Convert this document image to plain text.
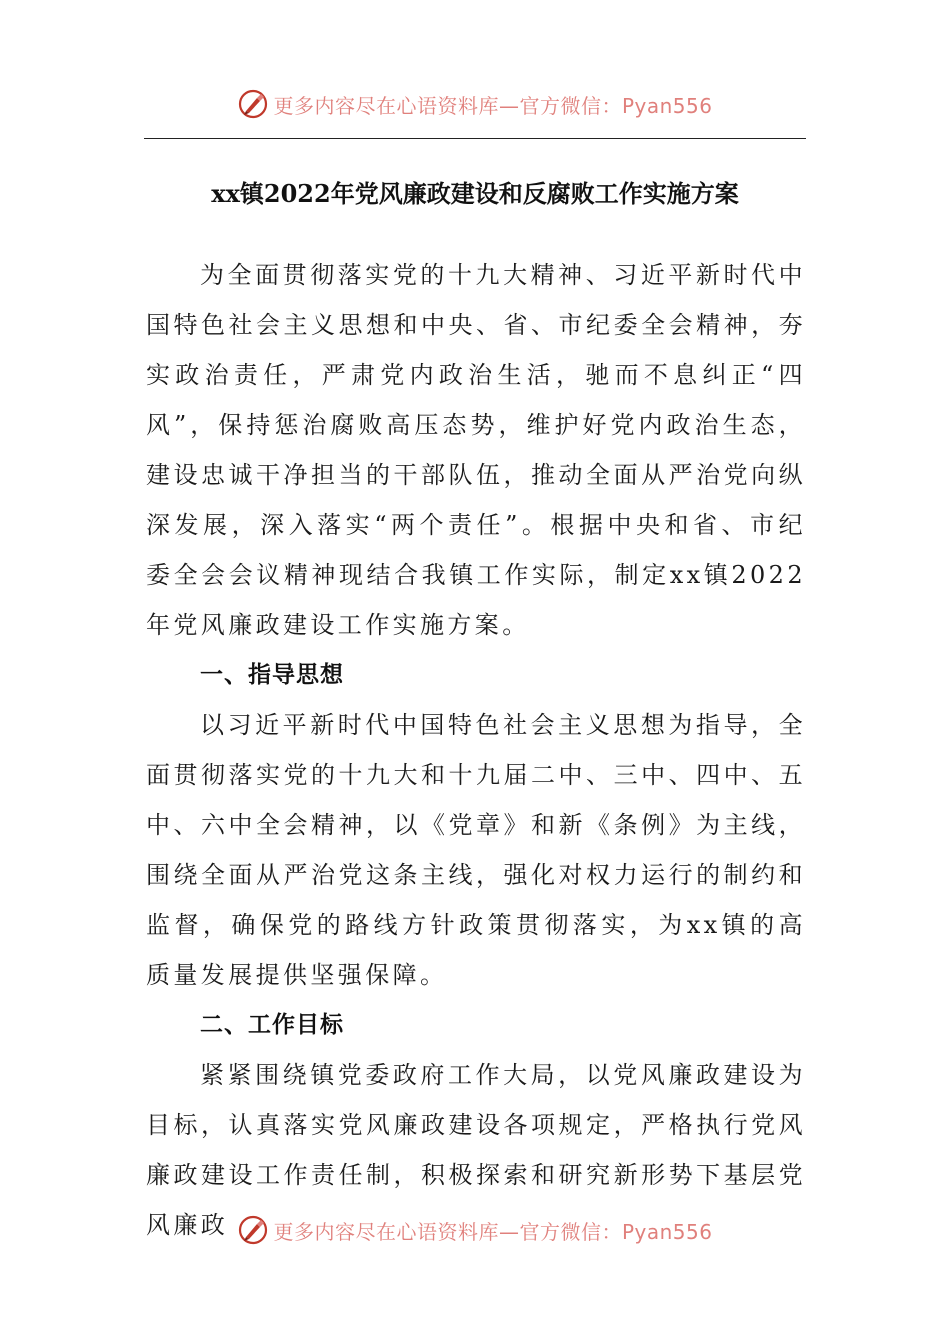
更多内容尽在心语资料库—官方微信：Pyan556
xx镇2022年党风廉政建设和反腐败工作实施方案

为全面贯彻落实党的十九大精神、习近平新时代中国特色社会主义思想和中央、省、市纪委全会精神，夯实政治责任，严肃党内政治生活，驰而不息纠正“四风”，保持惩治腐败高压态势，维护好党内政治生态，建设忠诚干净担当的干部队伍，推动全面从严治党向纵深发展，深入落实“两个责任”。根据中央和省、市纪委全会会议精神现结合我镇工作实际，制定xx镇2022年党风廉政建设工作实施方案。

一、指导思想

以习近平新时代中国特色社会主义思想为指导，全面贯彻落实党的十九大和十九届二中、三中、四中、五中、六中全会精神，以《党章》和新《条例》为主线，围绕全面从严治党这条主线，强化对权力运行的制约和监督，确保党的路线方针政策贯彻落实，为xx镇的高质量发展提供坚强保障。

二、工作目标

紧紧围绕镇党委政府工作大局，以党风廉政建设为目标，认真落实党风廉政建设各项规定，严格执行党风廉政建设工作责任制，积极探索和研究新形势下基层党风廉政	更多内容尽在心语资料库—官方微信：Pyan556
